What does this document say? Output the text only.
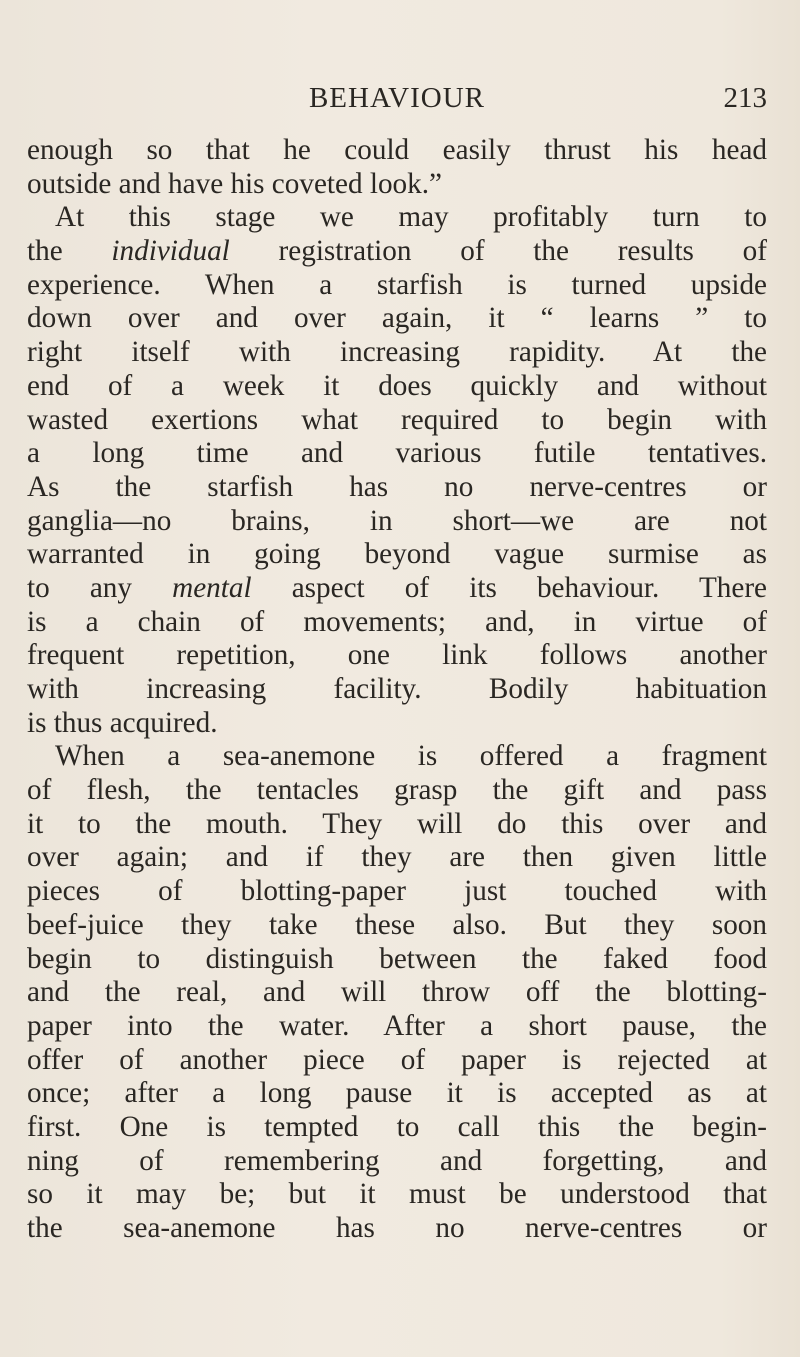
BEHAVIOUR	213
enough so that he could easily thrust his head
outside and have his coveted look.”
At this stage we may profitably turn to
the individual registration of the results of
experience. When a starfish is turned upside
down over and over again, it “ learns ” to
right itself with increasing rapidity. At the
end of a week it does quickly and without
wasted exertions what required to begin with
a long time and various futile tentatives.
As the starfish has no nerve-centres or
ganglia—no brains, in short—we are not
warranted in going beyond vague surmise as
to any mental aspect of its behaviour. There
is a chain of movements; and, in virtue of
frequent repetition, one link follows another
with increasing facility. Bodily habituation
is thus acquired.
When a sea-anemone is offered a fragment
of flesh, the tentacles grasp the gift and pass
it to the mouth. They will do this over and
over again; and if they are then given little
pieces of blotting-paper just touched with
beef-juice they take these also. But they soon
begin to distinguish between the faked food
and the real, and will throw off the blotting-
paper into the water. After a short pause, the
offer of another piece of paper is rejected at
once; after a long pause it is accepted as at
first. One is tempted to call this the begin-
ning of remembering and forgetting, and
so it may be; but it must be understood that
the sea-anemone has no nerve-centres or
